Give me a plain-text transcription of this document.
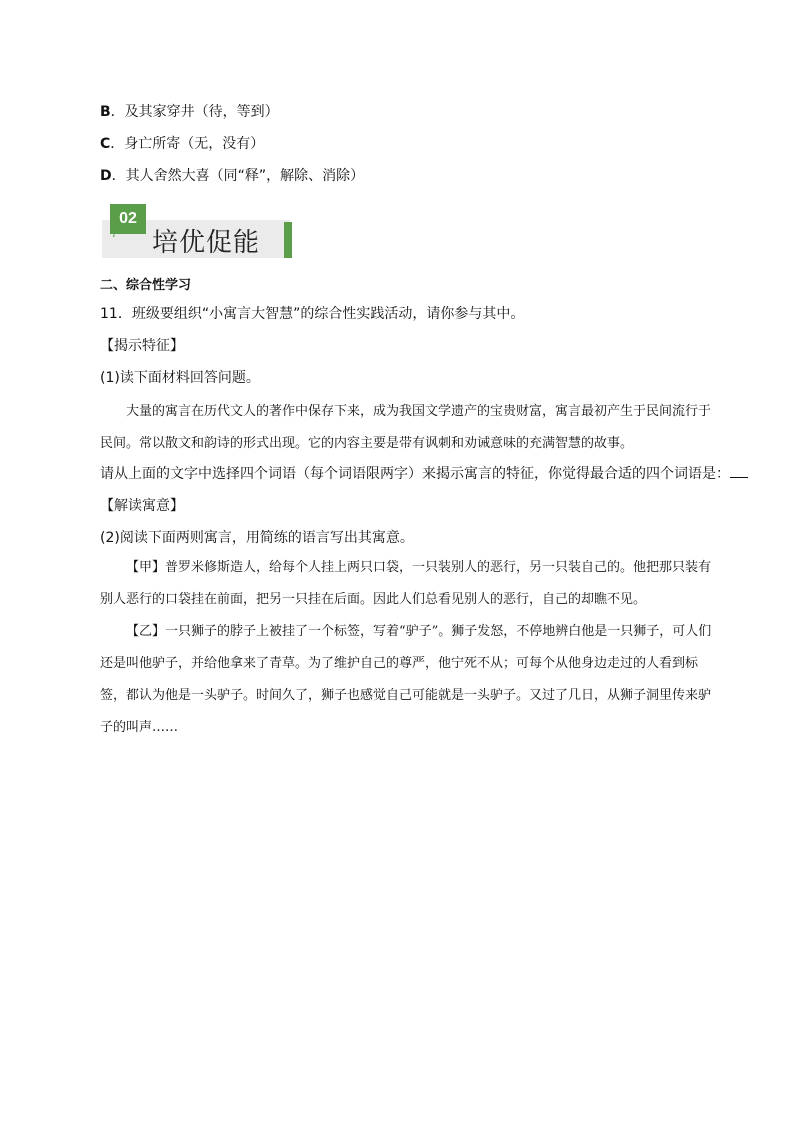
B．及其家穿井（待，等到）
C．身亡所寄（无，没有）
D．其人舍然大喜（同“释”，解除、消除）
02
‘ 培优促能
二、综合性学习
11．班级要组织“小寓言大智慧”的综合性实践活动，请你参与其中。
【揭示特征】
(1)读下面材料回答问题。

大量的寓言在历代文人的著作中保存下来，成为我国文学遗产的宝贵财富，寓言最初产生于民间流行于民间。常以散文和韵诗的形式出现。它的内容主要是带有讽刺和劝诫意味的充满智慧的故事。

请从上面的文字中选择四个词语（每个词语限两字）来揭示寓言的特征，你觉得最合适的四个词语是：
【解读寓意】
(2)阅读下面两则寓言，用简练的语言写出其寓意。

【甲】普罗米修斯造人，给每个人挂上两只口袋，一只装别人的恶行，另一只装自己的。他把那只装有别人恶行的口袋挂在前面，把另一只挂在后面。因此人们总看见别人的恶行，自己的却瞧不见。

【乙】一只狮子的脖子上被挂了一个标签，写着“驴子”。狮子发怒，不停地辨白他是一只狮子，可人们还是叫他驴子，并给他拿来了青草。为了维护自己的尊严，他宁死不从；可每个从他身边走过的人看到标签，都认为他是一头驴子。时间久了，狮子也感觉自己可能就是一头驴子。又过了几日，从狮子洞里传来驴子的叫声……
